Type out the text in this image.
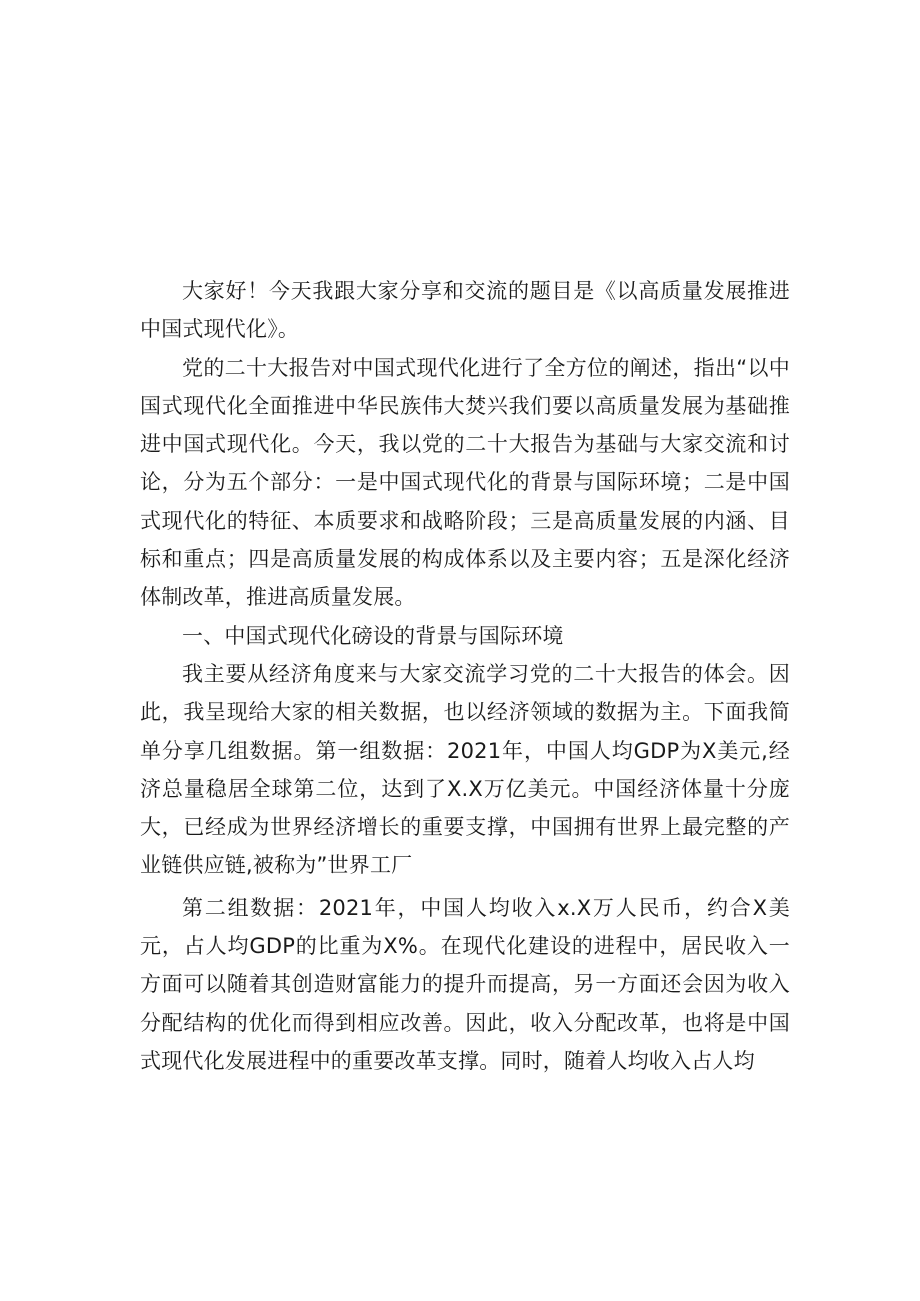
大家好！今天我跟大家分享和交流的题目是《以高质量发展推进中国式现代化》。

党的二十大报告对中国式现代化进行了全方位的阐述，指出“以中国式现代化全面推进中华民族伟大焚兴我们要以高质量发展为基础推进中国式现代化。今天，我以党的二十大报告为基础与大家交流和讨论，分为五个部分：一是中国式现代化的背景与国际环境；二是中国式现代化的特征、本质要求和战略阶段；三是高质量发展的内涵、目标和重点；四是高质量发展的构成体系以及主要内容；五是深化经济体制改革，推进高质量发展。

一、中国式现代化磅设的背景与国际环境

我主要从经济角度来与大家交流学习党的二十大报告的体会。因此，我呈现给大家的相关数据，也以经济领域的数据为主。下面我简单分享几组数据。第一组数据：2021年，中国人均GDP为X美元,经济总量稳居全球第二位，达到了X.X万亿美元。中国经济体量十分庞大，已经成为世界经济增长的重要支撑，中国拥有世界上最完整的产业链供应链,被称为”世界工厂

第二组数据：2021年，中国人均收入x.X万人民币，约合X美元，占人均GDP的比重为X%。在现代化建设的进程中，居民收入一方面可以随着其创造财富能力的提升而提高，另一方面还会因为收入分配结构的优化而得到相应改善。因此，收入分配改革，也将是中国式现代化发展进程中的重要改革支撑。同时，随着人均收入占人均
